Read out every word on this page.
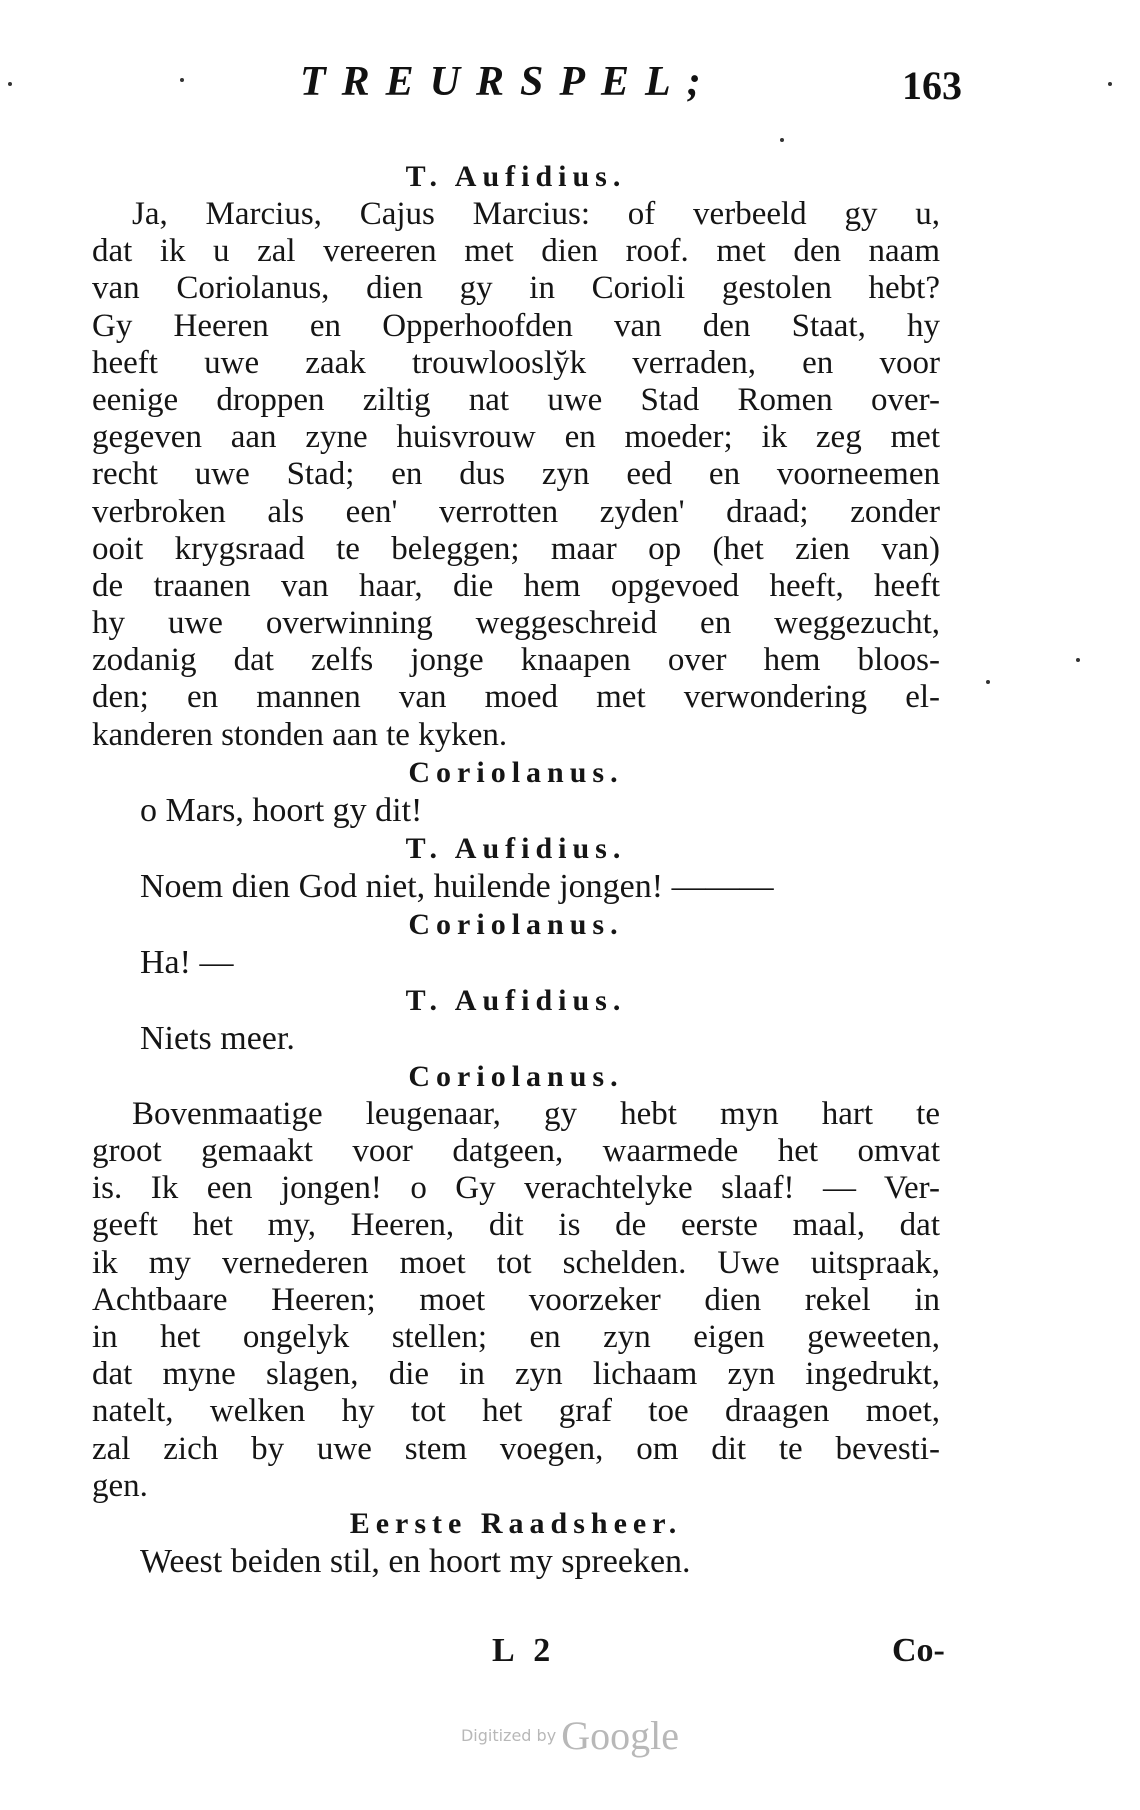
TREURSPEL;	163
T. Aufidius.
Ja, Marcius, Cajus Marcius: of verbeeld gy u,
dat ik u zal vereeren met dien roof. met den naam
van Coriolanus, dien gy in Corioli gestolen hebt?
Gy Heeren en Opperhoofden van den Staat, hy
heeft uwe zaak trouwloosly̆k verraden, en voor
eenige droppen ziltig nat uwe Stad Romen over-
gegeven aan zyne huisvrouw en moeder; ik zeg met
recht uwe Stad; en dus zyn eed en voorneemen
verbroken als een' verrotten zyden' draad; zonder
ooit krygsraad te beleggen; maar op (het zien van)
de traanen van haar, die hem opgevoed heeft, heeft
hy uwe overwinning weggeschreid en weggezucht,
zodanig dat zelfs jonge knaapen over hem bloos-
den; en mannen van moed met verwondering el-
kanderen stonden aan te kyken.
Coriolanus.
o Mars, hoort gy dit!
T. Aufidius.
Noem dien God niet, huilende jongen! ———
Coriolanus.
Ha! —
T. Aufidius.
Niets meer.
Coriolanus.
Bovenmaatige leugenaar, gy hebt myn hart te
groot gemaakt voor datgeen, waarmede het omvat
is. Ik een jongen! o Gy verachtelyke slaaf! — Ver-
geeft het my, Heeren, dit is de eerste maal, dat
ik my vernederen moet tot schelden. Uwe uitspraak,
Achtbaare Heeren; moet voorzeker dien rekel in
in het ongelyk stellen; en zyn eigen geweeten,
dat myne slagen, die in zyn lichaam zyn ingedrukt,
natelt, welken hy tot het graf toe draagen moet,
zal zich by uwe stem voegen, om dit te bevesti-
gen.
Eerste Raadsheer.
Weest beiden stil, en hoort my spreeken.
L 2	Co-
Digitized by Google
